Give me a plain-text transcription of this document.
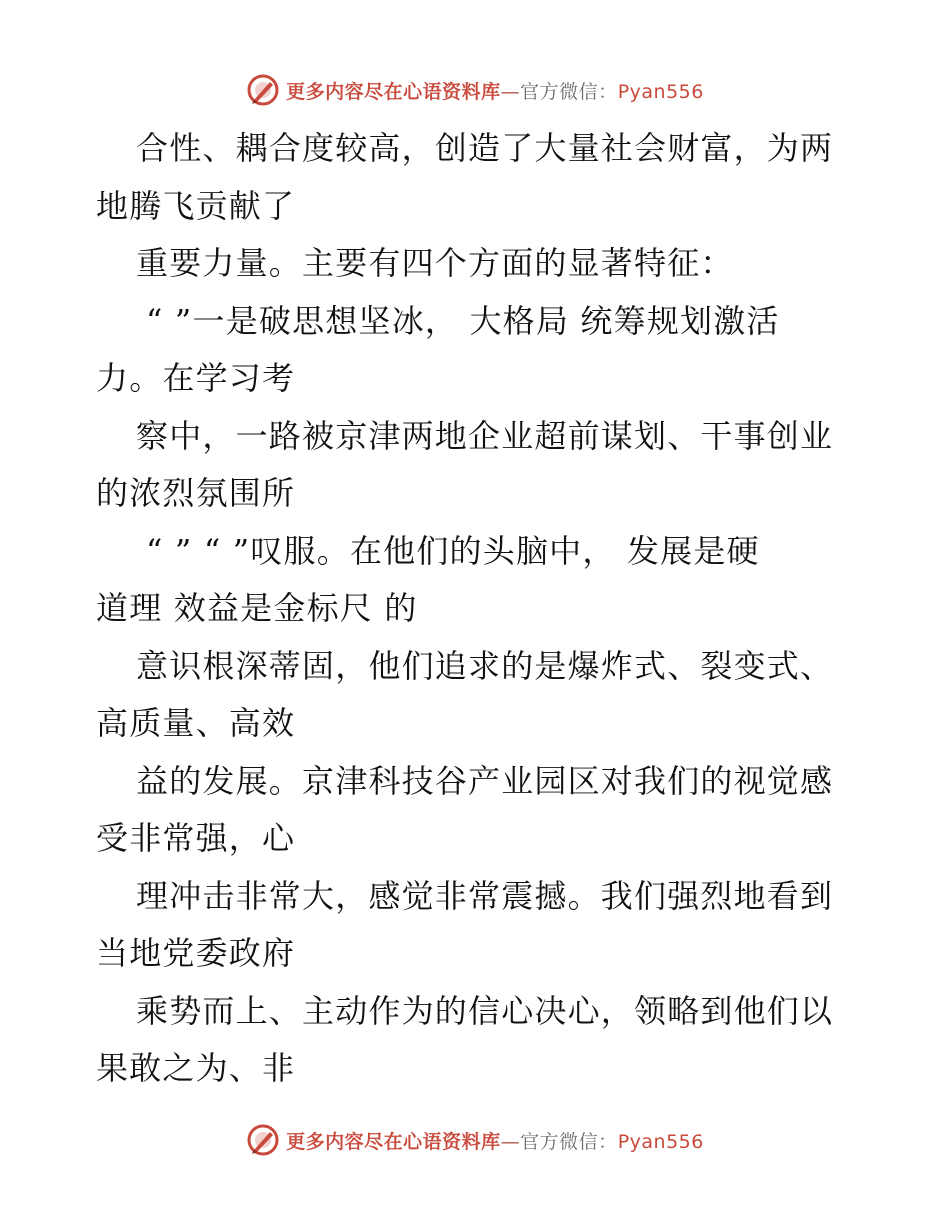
更多内容尽在心语资料库—官方微信：Pyan556
合性、耦合度较高，创造了大量社会财富，为两
地腾飞贡献了
重要力量。主要有四个方面的显著特征：
“ ”一是破思想坚冰， 大格局 统筹规划激活
力。在学习考
察中，一路被京津两地企业超前谋划、干事创业
的浓烈氛围所
“ ” “ ”叹服。在他们的头脑中， 发展是硬
道理 效益是金标尺 的
意识根深蒂固，他们追求的是爆炸式、裂变式、
高质量、高效
益的发展。京津科技谷产业园区对我们的视觉感
受非常强，心
理冲击非常大，感觉非常震撼。我们强烈地看到
当地党委政府
乘势而上、主动作为的信心决心，领略到他们以
果敢之为、非
更多内容尽在心语资料库—官方微信：Pyan556
